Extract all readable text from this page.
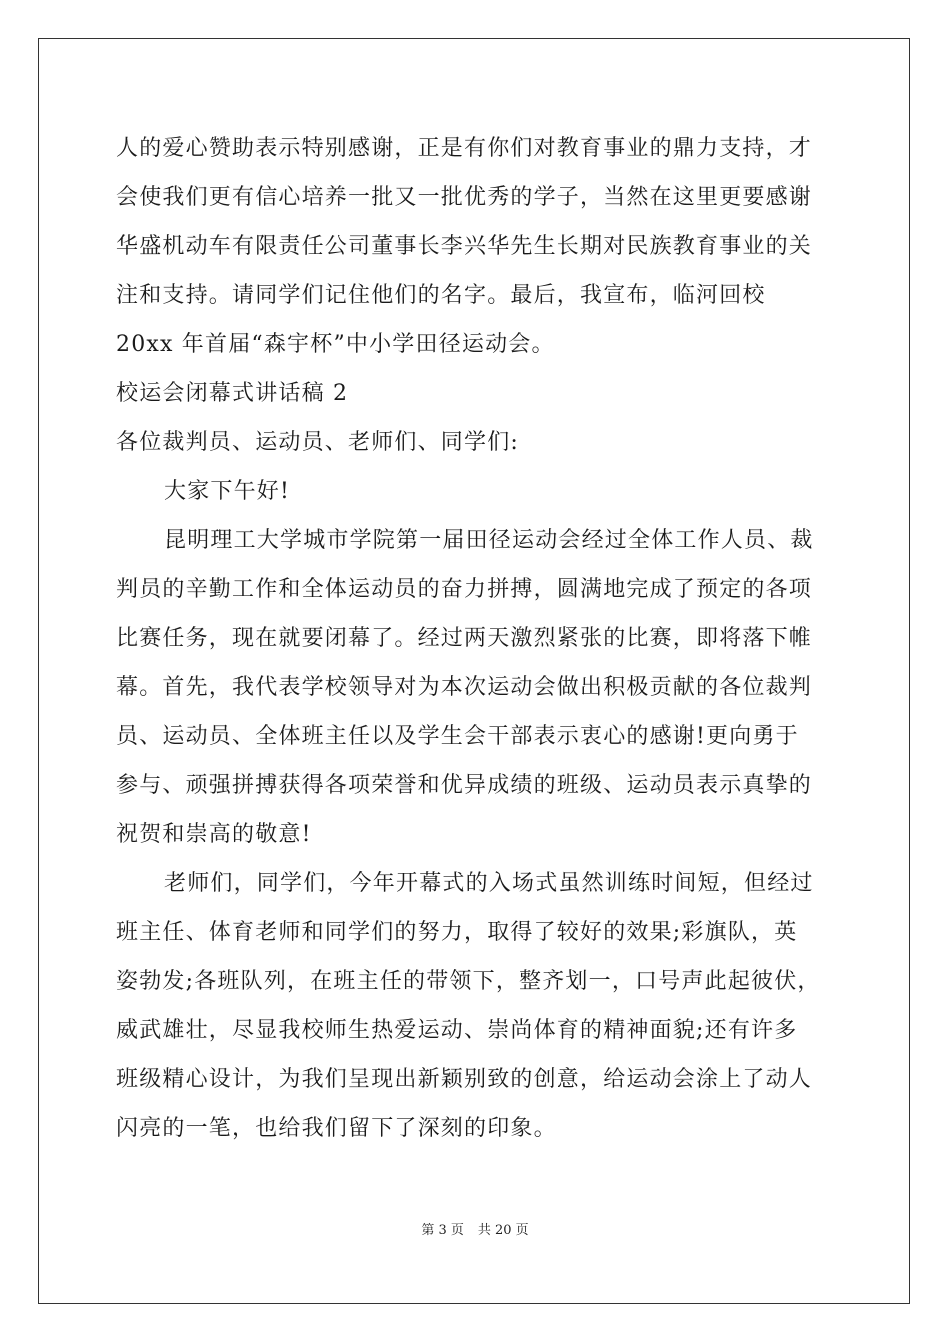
人的爱心赞助表示特别感谢，正是有你们对教育事业的鼎力支持，才
会使我们更有信心培养一批又一批优秀的学子，当然在这里更要感谢
华盛机动车有限责任公司董事长李兴华先生长期对民族教育事业的关
注和支持。请同学们记住他们的名字。最后，我宣布，临河回校
20xx 年首届“森宇杯”中小学田径运动会。
校运会闭幕式讲话稿 2
各位裁判员、运动员、老师们、同学们:
大家下午好!
昆明理工大学城市学院第一届田径运动会经过全体工作人员、裁
判员的辛勤工作和全体运动员的奋力拼搏，圆满地完成了预定的各项
比赛任务，现在就要闭幕了。经过两天激烈紧张的比赛，即将落下帷
幕。首先，我代表学校领导对为本次运动会做出积极贡献的各位裁判
员、运动员、全体班主任以及学生会干部表示衷心的感谢!更向勇于
参与、顽强拼搏获得各项荣誉和优异成绩的班级、运动员表示真挚的
祝贺和崇高的敬意!
老师们，同学们，今年开幕式的入场式虽然训练时间短，但经过
班主任、体育老师和同学们的努力，取得了较好的效果;彩旗队，英
姿勃发;各班队列，在班主任的带领下，整齐划一，口号声此起彼伏，
威武雄壮，尽显我校师生热爱运动、崇尚体育的精神面貌;还有许多
班级精心设计，为我们呈现出新颖别致的创意，给运动会涂上了动人
闪亮的一笔，也给我们留下了深刻的印象。
第 3 页 共 20 页
